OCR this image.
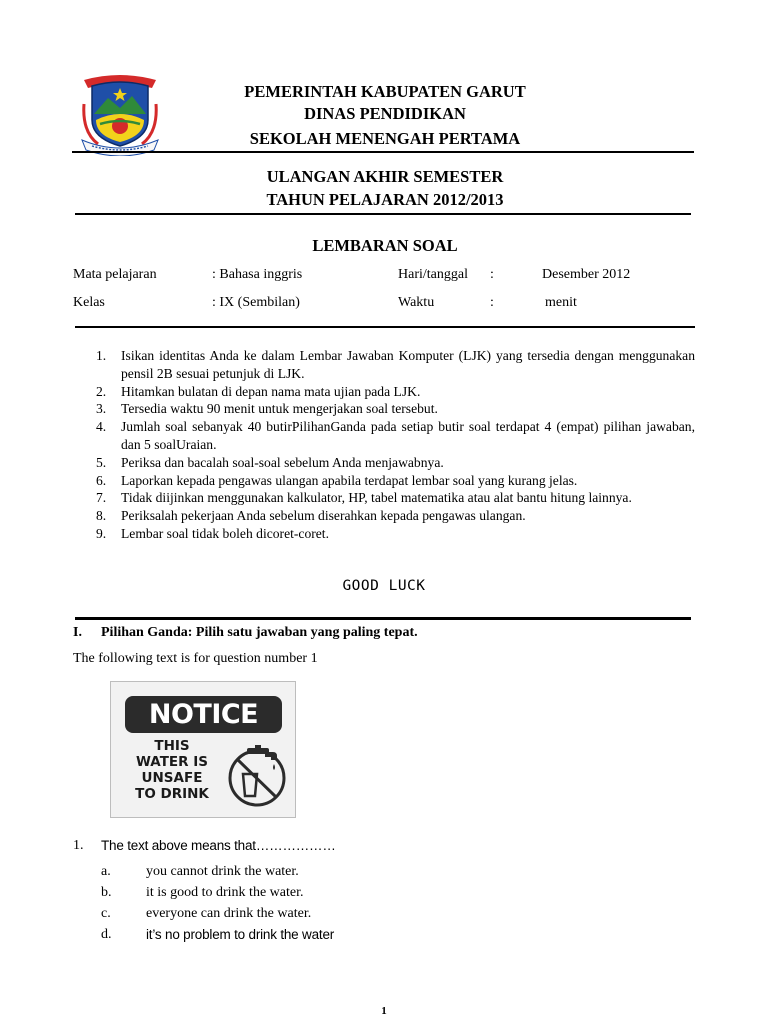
PEMERINTAH KABUPATEN GARUT
DINAS PENDIDIKAN
SEKOLAH MENENGAH PERTAMA
ULANGAN AKHIR SEMESTER
TAHUN PELAJARAN 2012/2013
LEMBARAN SOAL
Mata pelajaran	: Bahasa inggris	Hari/tanggal :	Desember 2012
Kelas	: IX (Sembilan)	Waktu	:	menit
1. Isikan identitas Anda ke dalam Lembar Jawaban Komputer (LJK) yang tersedia dengan menggunakan pensil 2B sesuai petunjuk di LJK.
2. Hitamkan bulatan di depan nama mata ujian pada LJK.
3. Tersedia waktu 90 menit untuk mengerjakan soal tersebut.
4. Jumlah soal sebanyak 40 butirPilihanGanda pada setiap butir soal terdapat 4 (empat) pilihan jawaban, dan 5 soalUraian.
5. Periksa dan bacalah soal-soal sebelum Anda menjawabnya.
6. Laporkan kepada pengawas ulangan apabila terdapat lembar soal yang kurang jelas.
7. Tidak diijinkan menggunakan kalkulator, HP, tabel matematika atau alat bantu hitung lainnya.
8. Periksalah pekerjaan Anda sebelum diserahkan kepada pengawas ulangan.
9. Lembar soal tidak boleh dicoret-coret.
GOOD LUCK
I. Pilihan Ganda: Pilih satu jawaban yang paling tepat.
The following text is for question number 1
NOTICE
THIS
WATER IS
UNSAFE
TO DRINK
1. The text above means that………………
a.	you cannot drink the water.
b. it is good to drink the water.
c.	everyone can drink the water.
d.	it’s no problem to drink the water
1
